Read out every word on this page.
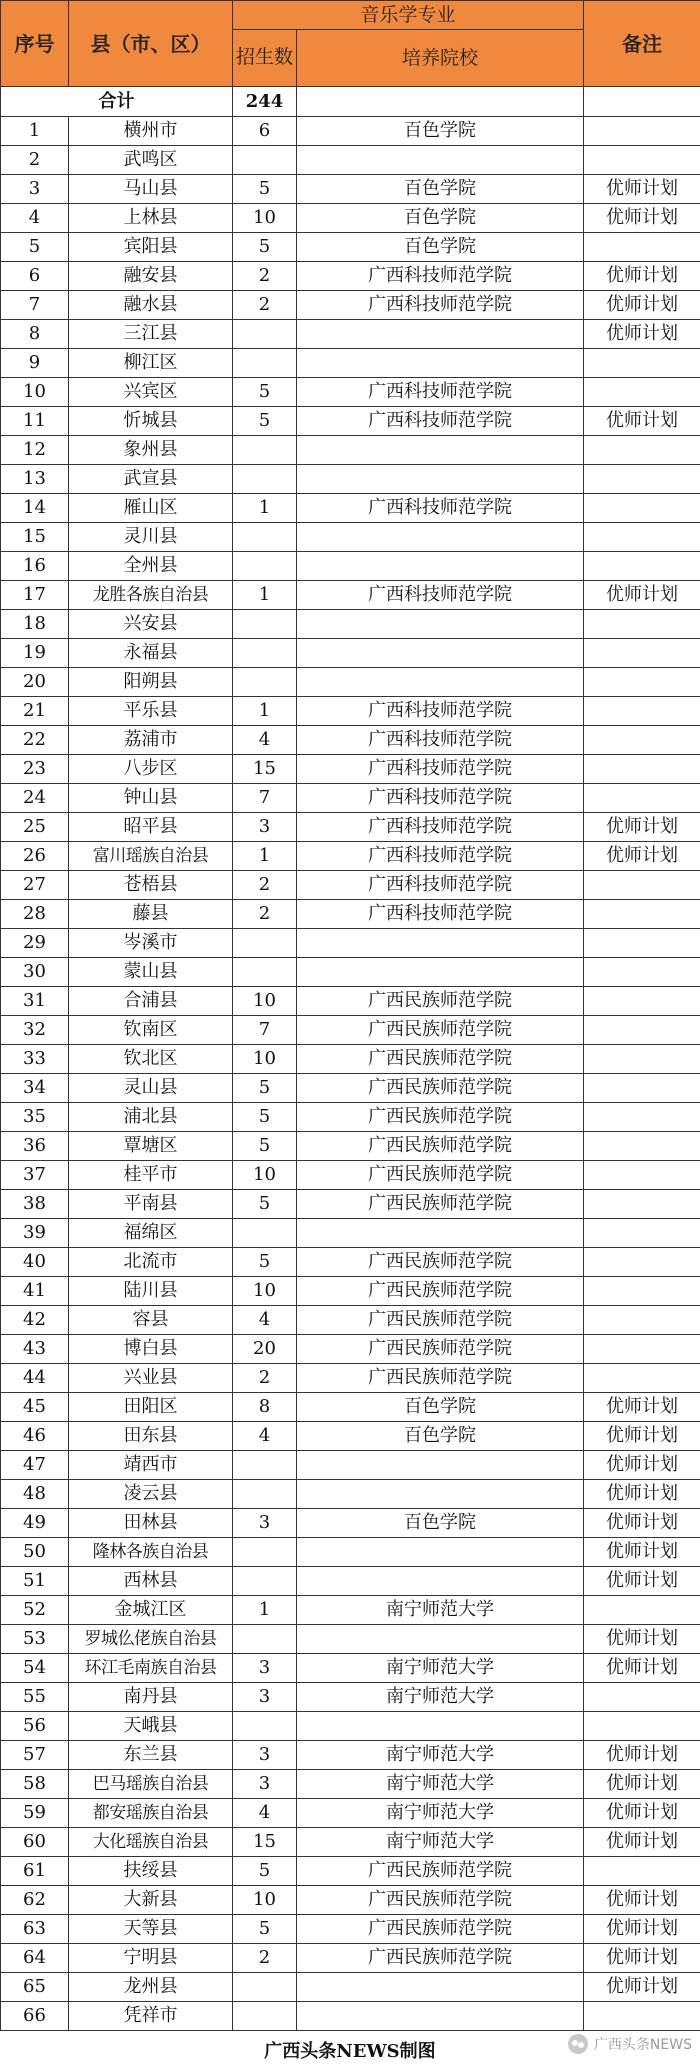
序号	县（市、区）	音乐学专业		备注
		招生数	培养院校	
合计		244		
1	横州市	6	百色学院	
2	武鸣区			
3	马山县	5	百色学院	优师计划
4	上林县	10	百色学院	优师计划
5	宾阳县	5	百色学院	
6	融安县	2	广西科技师范学院	优师计划
7	融水县	2	广西科技师范学院	优师计划
8	三江县			优师计划
9	柳江区			
10	兴宾区	5	广西科技师范学院	
11	忻城县	5	广西科技师范学院	优师计划
12	象州县			
13	武宣县			
14	雁山区	1	广西科技师范学院	
15	灵川县			
16	全州县			
17	龙胜各族自治县	1	广西科技师范学院	优师计划
18	兴安县			
19	永福县			
20	阳朔县			
21	平乐县	1	广西科技师范学院	
22	荔浦市	4	广西科技师范学院	
23	八步区	15	广西科技师范学院	
24	钟山县	7	广西科技师范学院	
25	昭平县	3	广西科技师范学院	优师计划
26	富川瑶族自治县	1	广西科技师范学院	优师计划
27	苍梧县	2	广西科技师范学院	
28	藤县	2	广西科技师范学院	
29	岑溪市			
30	蒙山县			
31	合浦县	10	广西民族师范学院	
32	钦南区	7	广西民族师范学院	
33	钦北区	10	广西民族师范学院	
34	灵山县	5	广西民族师范学院	
35	浦北县	5	广西民族师范学院	
36	覃塘区	5	广西民族师范学院	
37	桂平市	10	广西民族师范学院	
38	平南县	5	广西民族师范学院	
39	福绵区			
40	北流市	5	广西民族师范学院	
41	陆川县	10	广西民族师范学院	
42	容县	4	广西民族师范学院	
43	博白县	20	广西民族师范学院	
44	兴业县	2	广西民族师范学院	
45	田阳区	8	百色学院	优师计划
46	田东县	4	百色学院	优师计划
47	靖西市			优师计划
48	凌云县			优师计划
49	田林县	3	百色学院	优师计划
50	隆林各族自治县			优师计划
51	西林县			优师计划
52	金城江区	1	南宁师范大学	
53	罗城仫佬族自治县			优师计划
54	环江毛南族自治县	3	南宁师范大学	优师计划
55	南丹县	3	南宁师范大学	
56	天峨县			
57	东兰县	3	南宁师范大学	优师计划
58	巴马瑶族自治县	3	南宁师范大学	优师计划
59	都安瑶族自治县	4	南宁师范大学	优师计划
60	大化瑶族自治县	15	南宁师范大学	优师计划
61	扶绥县	5	广西民族师范学院	
62	大新县	10	广西民族师范学院	优师计划
63	天等县	5	广西民族师范学院	优师计划
64	宁明县	2	广西民族师范学院	优师计划
65	龙州县			优师计划
66	凭祥市			
广西头条NEWS制图	广西头条NEWS
